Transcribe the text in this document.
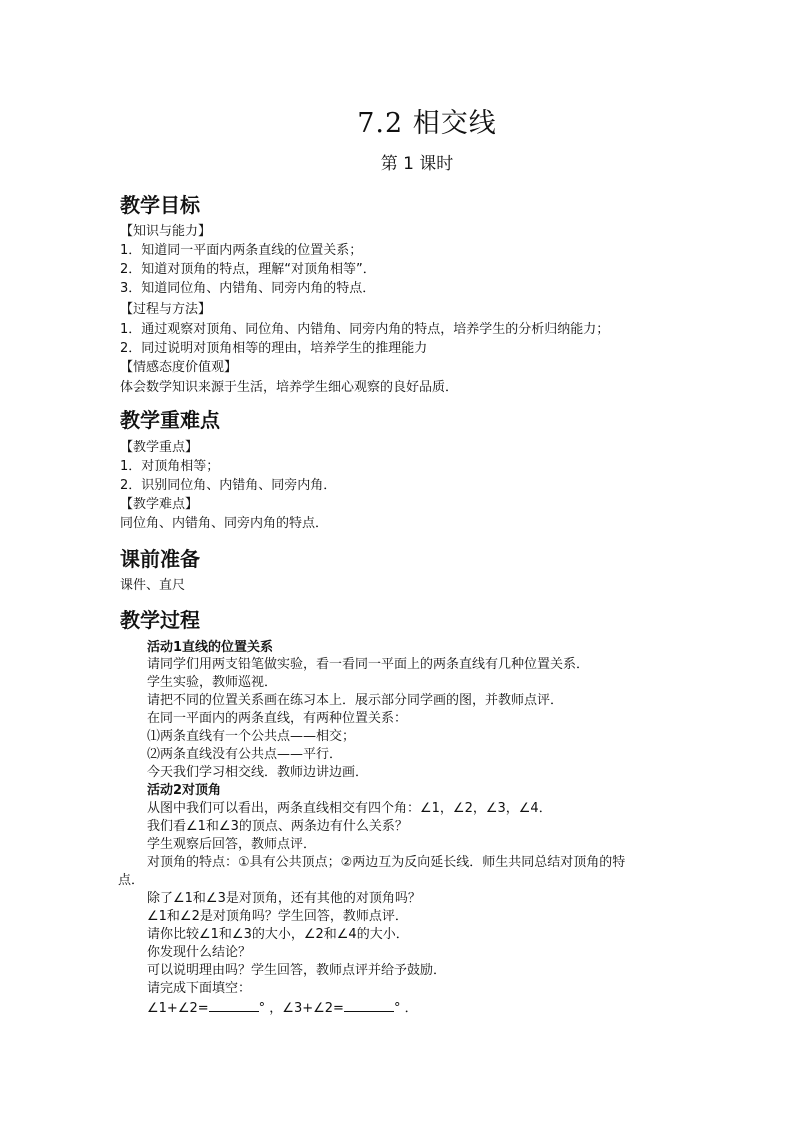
7.2 相交线
第 1 课时
教学目标
【知识与能力】
1．知道同一平面内两条直线的位置关系；
2．知道对顶角的特点，理解“对顶角相等”．
3．知道同位角、内错角、同旁内角的特点．
【过程与方法】
1．通过观察对顶角、同位角、内错角、同旁内角的特点，培养学生的分析归纳能力；
2．同过说明对顶角相等的理由，培养学生的推理能力
【情感态度价值观】
体会数学知识来源于生活，培养学生细心观察的良好品质．
教学重难点
【教学重点】
1．对顶角相等；
2．识别同位角、内错角、同旁内角．
【教学难点】
同位角、内错角、同旁内角的特点．
课前准备
课件、直尺
教学过程
活动1直线的位置关系
请同学们用两支铅笔做实验，看一看同一平面上的两条直线有几种位置关系．
学生实验，教师巡视．
请把不同的位置关系画在练习本上．展示部分同学画的图，并教师点评．
在同一平面内的两条直线，有两种位置关系：
⑴两条直线有一个公共点——相交；
⑵两条直线没有公共点——平行．
今天我们学习相交线．教师边讲边画．
活动2对顶角
从图中我们可以看出，两条直线相交有四个角：∠1，∠2，∠3，∠4．
我们看∠1和∠3的顶点、两条边有什么关系？
学生观察后回答，教师点评．
对顶角的特点：①具有公共顶点；②两边互为反向延长线．师生共同总结对顶角的特
点．
除了∠1和∠3是对顶角，还有其他的对顶角吗？
∠1和∠2是对顶角吗？学生回答，教师点评．
请你比较∠1和∠3的大小，∠2和∠4的大小．
你发现什么结论？
可以说明理由吗？学生回答，教师点评并给予鼓励．
请完成下面填空：
∠1+∠2=	° ，∠3+∠2=	° ．
